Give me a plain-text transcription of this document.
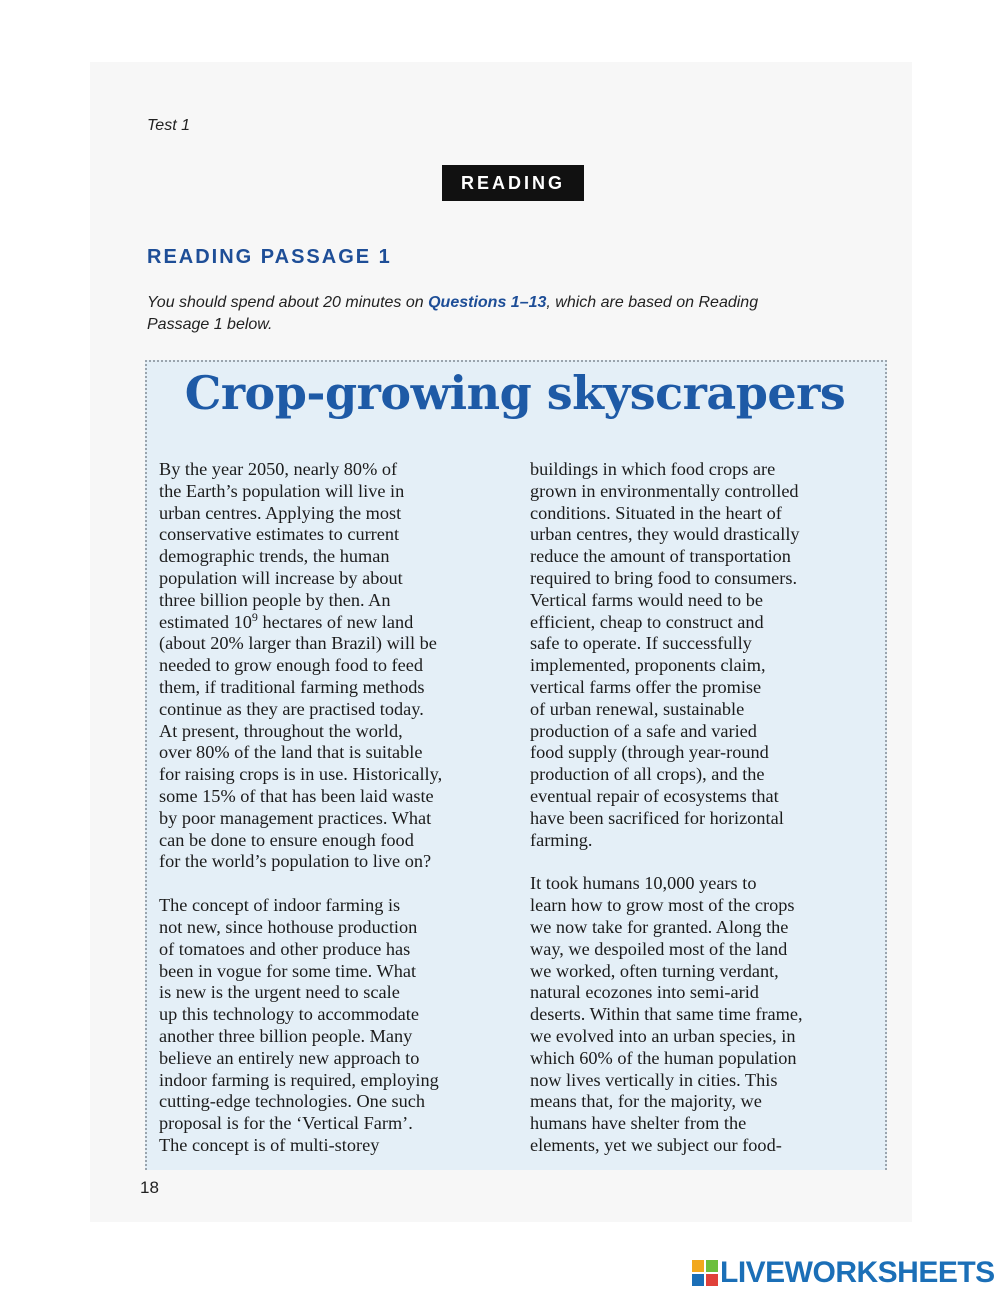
Test 1
READING
READING PASSAGE 1
You should spend about 20 minutes on Questions 1–13, which are based on Reading
Passage 1 below.
Crop-growing skyscrapers

By the year 2050, nearly 80% of

the Earth’s population will live in

urban centres. Applying the most

conservative estimates to current

demographic trends, the human

population will increase by about

three billion people by then. An

estimated $10^9$ hectares of new land

(about 20% larger than Brazil) will be

needed to grow enough food to feed

them, if traditional farming methods

continue as they are practised today.

At present, throughout the world,

over 80% of the land that is suitable

for raising crops is in use. Historically,

some 15% of that has been laid waste

by poor management practices. What

can be done to ensure enough food

for the world’s population to live on?

The concept of indoor farming is

not new, since hothouse production

of tomatoes and other produce has

been in vogue for some time. What

is new is the urgent need to scale

up this technology to accommodate

another three billion people. Many

believe an entirely new approach to

indoor farming is required, employing

cutting-edge technologies. One such

proposal is for the ‘Vertical Farm’.

The concept is of multi-storey

buildings in which food crops are

grown in environmentally controlled

conditions. Situated in the heart of

urban centres, they would drastically

reduce the amount of transportation

required to bring food to consumers.

Vertical farms would need to be

efficient, cheap to construct and

safe to operate. If successfully

implemented, proponents claim,

vertical farms offer the promise

of urban renewal, sustainable

production of a safe and varied

food supply (through year-round

production of all crops), and the

eventual repair of ecosystems that

have been sacrificed for horizontal

farming.

It took humans 10,000 years to

learn how to grow most of the crops

we now take for granted. Along the

way, we despoiled most of the land

we worked, often turning verdant,

natural ecozones into semi-arid

deserts. Within that same time frame,

we evolved into an urban species, in

which 60% of the human population

now lives vertically in cities. This

means that, for the majority, we

humans have shelter from the

elements, yet we subject our food-

18
LIVEWORKSHEETS
